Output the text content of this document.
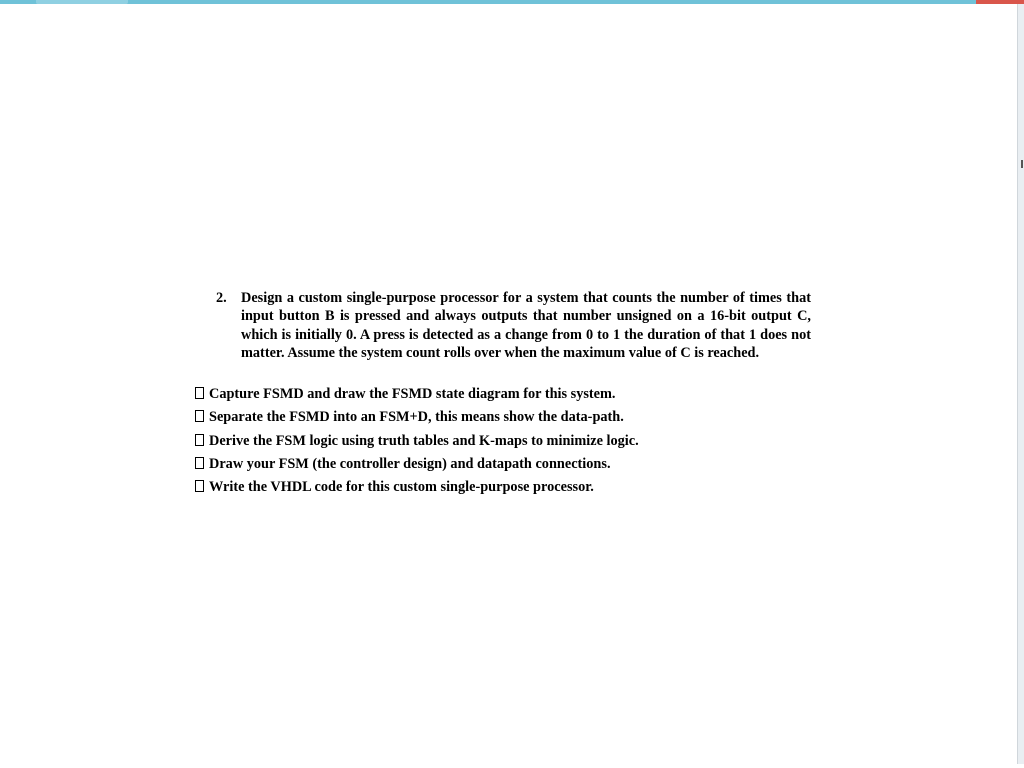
2. Design a custom single-purpose processor for a system that counts the number of times that input button B is pressed and always outputs that number unsigned on a 16-bit output C, which is initially 0. A press is detected as a change from 0 to 1 the duration of that 1 does not matter. Assume the system count rolls over when the maximum value of C is reached.
Capture FSMD and draw the FSMD state diagram for this system.
Separate the FSMD into an FSM+D, this means show the data-path.
Derive the FSM logic using truth tables and K-maps to minimize logic.
Draw your FSM (the controller design) and datapath connections.
Write the VHDL code for this custom single-purpose processor.
